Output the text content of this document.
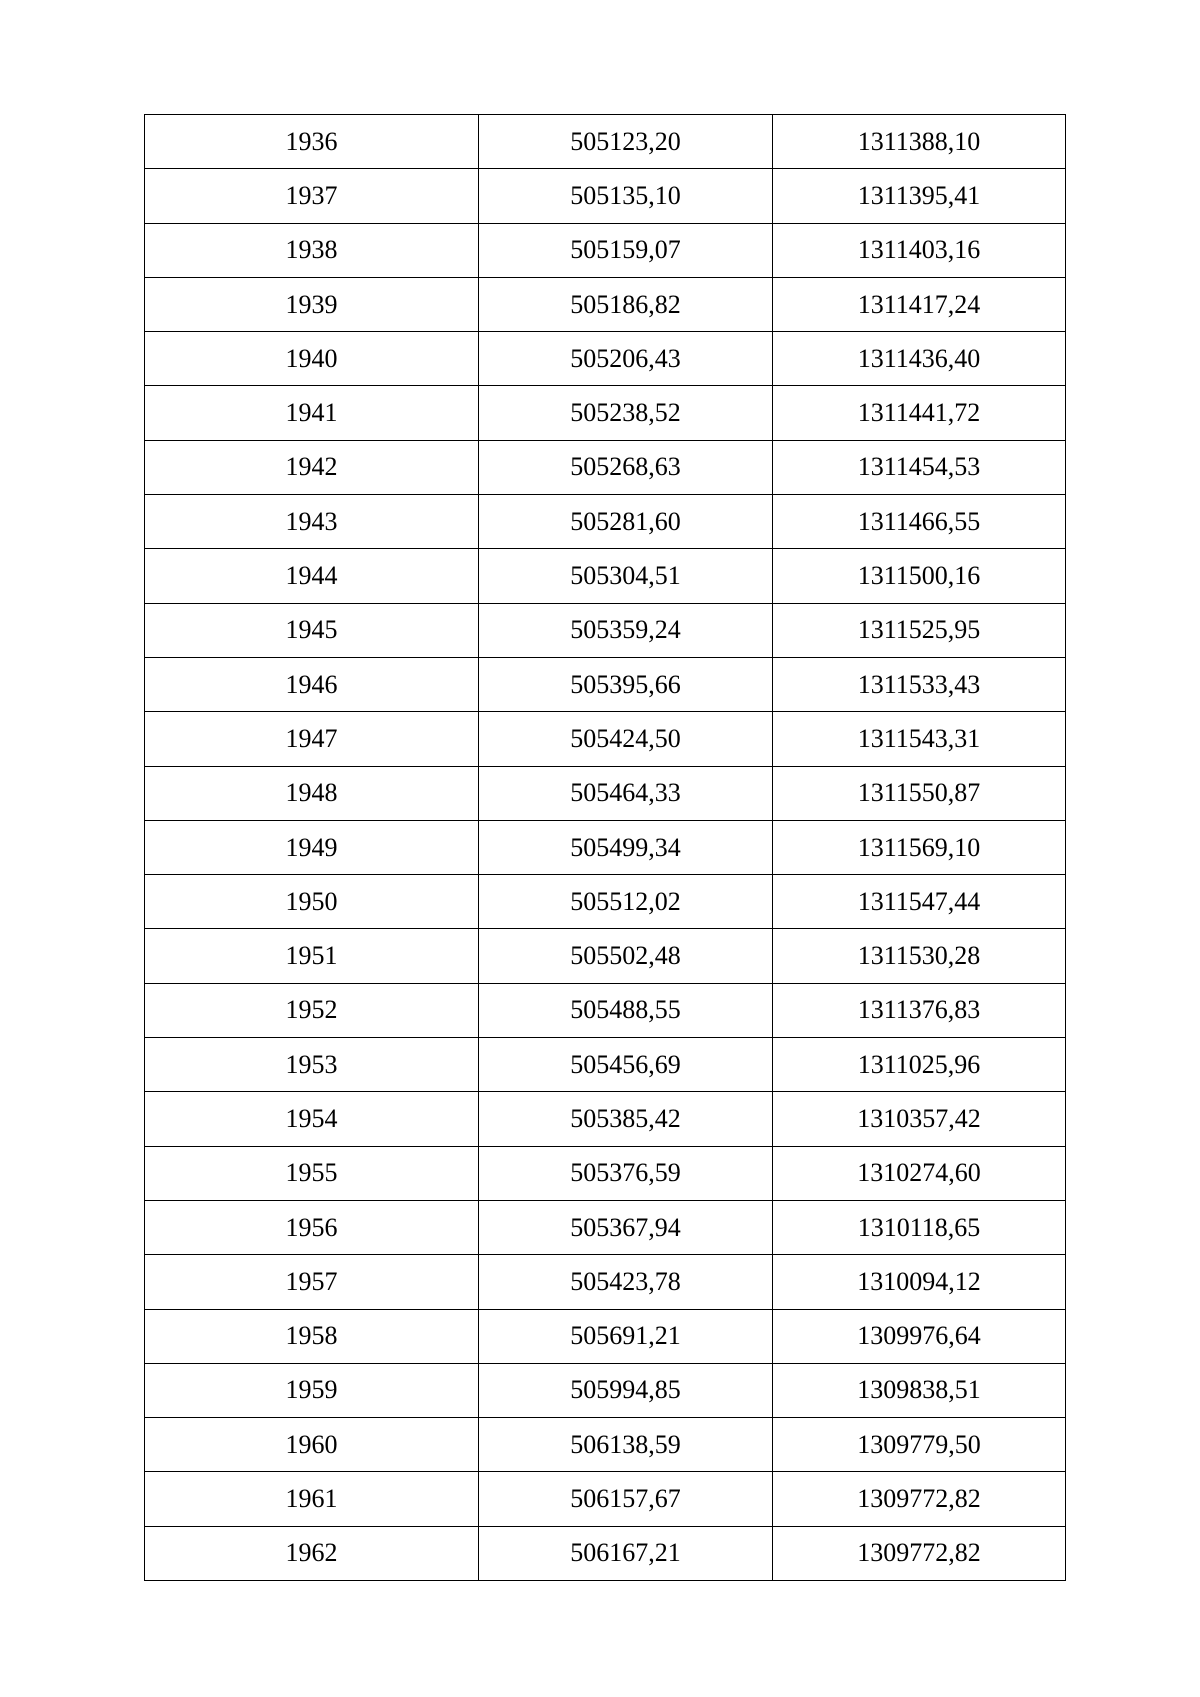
1936	505123,20	1311388,10
1937	505135,10	1311395,41
1938	505159,07	1311403,16
1939	505186,82	1311417,24
1940	505206,43	1311436,40
1941	505238,52	1311441,72
1942	505268,63	1311454,53
1943	505281,60	1311466,55
1944	505304,51	1311500,16
1945	505359,24	1311525,95
1946	505395,66	1311533,43
1947	505424,50	1311543,31
1948	505464,33	1311550,87
1949	505499,34	1311569,10
1950	505512,02	1311547,44
1951	505502,48	1311530,28
1952	505488,55	1311376,83
1953	505456,69	1311025,96
1954	505385,42	1310357,42
1955	505376,59	1310274,60
1956	505367,94	1310118,65
1957	505423,78	1310094,12
1958	505691,21	1309976,64
1959	505994,85	1309838,51
1960	506138,59	1309779,50
1961	506157,67	1309772,82
1962	506167,21	1309772,82
